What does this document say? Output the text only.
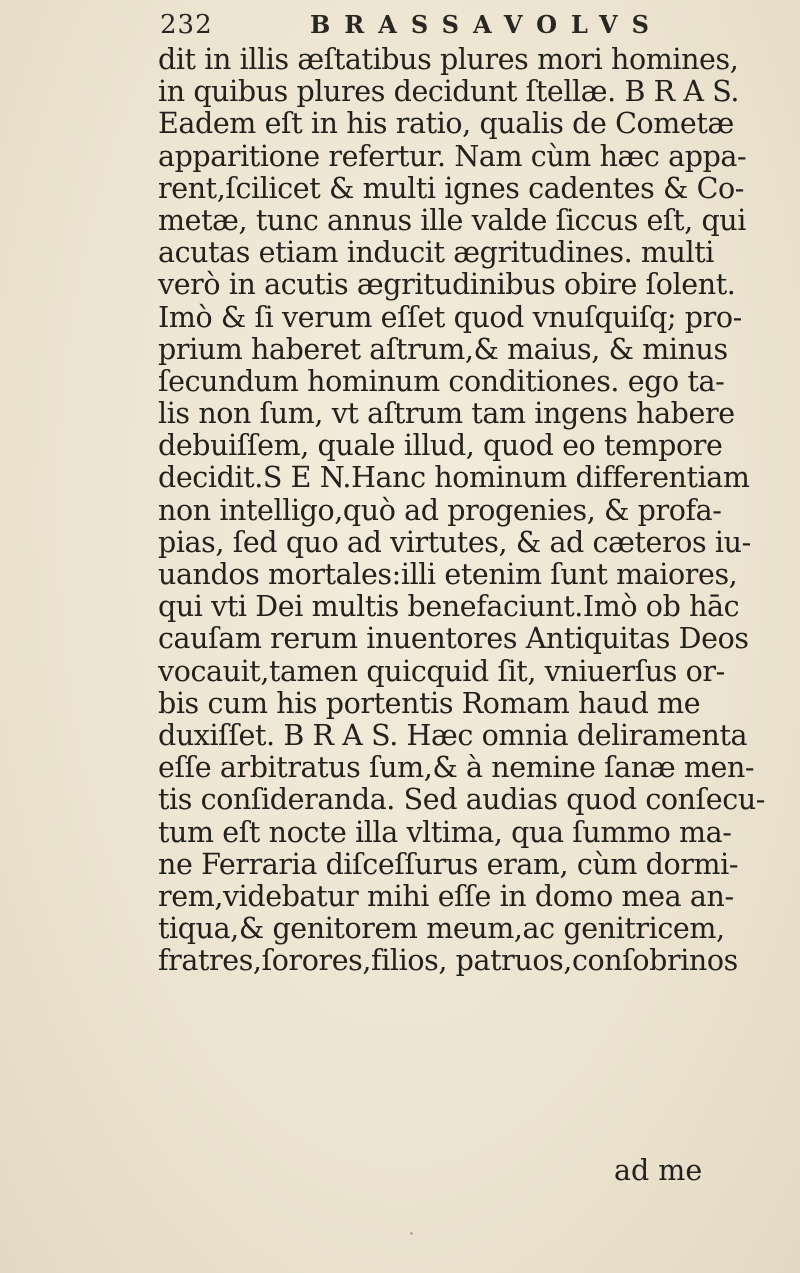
232	BRASSAVOLVS
dit in illis æſtatibus plures mori homines,
in quibus plures decidunt ſtellæ. B R A S.
Eadem eſt in his ratio, qualis de Cometæ
apparitione refertur. Nam cùm hæc appa-
rent,ſcilicet & multi ignes cadentes & Co-
metæ, tunc annus ille valde ſiccus eſt, qui
acutas etiam inducit ægritudines. multi
verò in acutis ægritudinibus obire ſolent.
Imò & ſi verum eſſet quod vnuſquiſq; pro-
prium haberet aſtrum,& maius, & minus
ſecundum hominum conditiones. ego ta-
lis non ſum, vt aſtrum tam ingens habere
debuiſſem, quale illud, quod eo tempore
decidit.S E N.Hanc hominum differentiam
non intelligo,quò ad progenies, & profa-
pias, ſed quo ad virtutes, & ad cæteros iu-
uandos mortales:illi etenim ſunt maiores,
qui vti Dei multis benefaciunt.Imò ob hāc
cauſam rerum inuentores Antiquitas Deos
vocauit,tamen quicquid ſit, vniuerſus or-
bis cum his portentis Romam haud me
duxiſſet. B R A S. Hæc omnia deliramenta
eſſe arbitratus ſum,& à nemine ſanæ men-
tis conſideranda. Sed audias quod conſecu-
tum eſt nocte illa vltima, qua ſummo ma-
ne Ferraria diſceſſurus eram, cùm dormi-
rem,videbatur mihi eſſe in domo mea an-
tiqua,& genitorem meum,ac genitricem,
fratres,ſorores,filios, patruos,conſobrinos
ad me
